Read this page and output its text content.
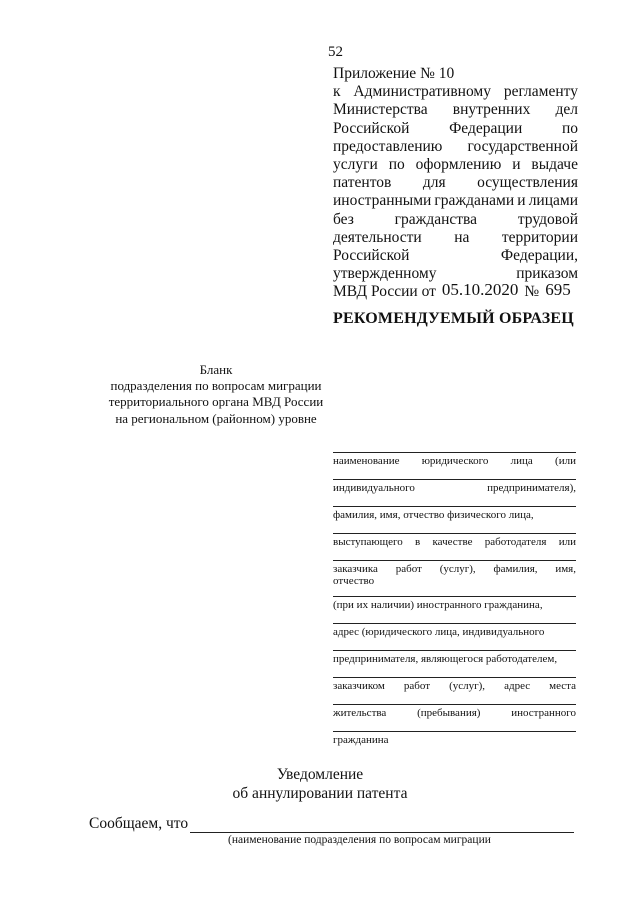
52
Приложение № 10
к Административному регламенту
Министерства внутренних дел
Российской	Федерации	по
предоставлению государственной
услуги по оформлению и выдаче
патентов для осуществления
иностранными гражданами и лицами
без	гражданства	трудовой
деятельности на территории
Российской	Федерации,
утвержденному	приказом
МВД России от 05.10.2020 № 695
РЕКОМЕНДУЕМЫЙ ОБРАЗЕЦ
Бланк
подразделения по вопросам миграции
территориального органа МВД России
на региональном (районном) уровне
наименование юридического лица (или
индивидуального	предпринимателя),
фамилия, имя, отчество физического лица,
выступающего в качестве работодателя или
заказчика работ (услуг), фамилия, имя,
отчество
(при их наличии) иностранного гражданина,
адрес (юридического лица, индивидуального
предпринимателя, являющегося работодателем,
заказчиком работ (услуг), адрес места
жительства	(пребывания)	иностранного
гражданина
Уведомление
об аннулировании патента
Сообщаем, что
(наименование подразделения по вопросам миграции
